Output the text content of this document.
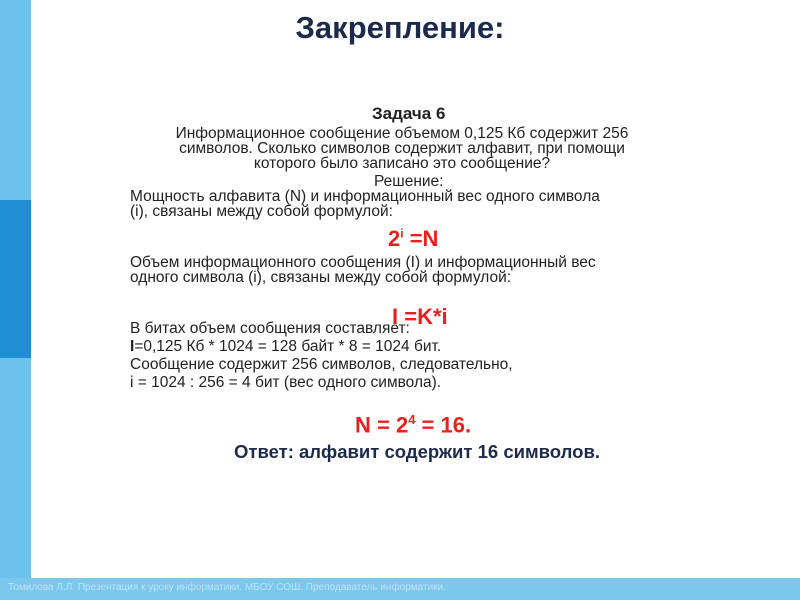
Закрепление:
Задача 6
Информационное сообщение объемом 0,125 Кб содержит 256
символов. Сколько символов содержит алфавит, при помощи
которого было записано это сообщение?
Решение:
Мощность алфавита (N) и информационный вес одного символа
(i), связаны между собой формулой:
$2^i =N$
Объем информационного сообщения (I) и информационный вес
одного символа (i), связаны между собой формулой:
I =K*i
В битах объем сообщения составляет:
I=0,125 Кб * 1024 = 128 байт * 8 = 1024 бит.
Сообщение содержит 256 символов, следовательно,
i = 1024 : 256 = 4 бит (вес одного символа).
$N = 2^4 = 16$.
Ответ: алфавит содержит 16 символов.
Томилова Л.Л. Презентация к уроку информатики. МБОУ СОШ. Преподаватель информатики.
